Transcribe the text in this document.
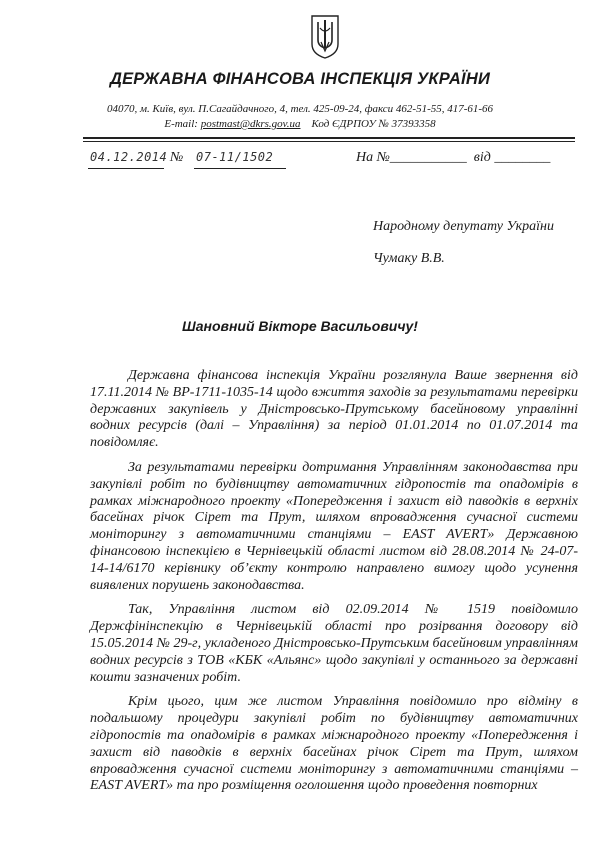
ДЕРЖАВНА ФІНАНСОВА ІНСПЕКЦІЯ УКРАЇНИ
04070, м. Київ, вул. П.Сагайдачного, 4, тел. 425-09-24, факси 462-51-55, 417-61-66
E-mail: postmast@dkrs.gov.ua Код ЄДРПОУ № 37393358
04.12.2014 № 07-11/1502	На №___________  від ________
Народному депутату України
Чумаку В.В.
Шановний Вікторе Васильовичу!

Державна фінансова інспекція України розглянула Ваше звернення від 17.11.2014 № ВР-1711-1035-14 щодо вжиття заходів за результатами перевірки державних закупівель у Дністровсько-Прутському басейновому управлінні водних ресурсів (далі – Управління) за період 01.01.2014 по 01.07.2014 та повідомляє.

За результатами перевірки дотримання Управлінням законодавства при закупівлі робіт по будівництву автоматичних гідропостів та опадомірів в рамках міжнародного проекту «Попередження і захист від паводків в верхніх басейнах річок Сірет та Прут, шляхом впровадження сучасної системи моніторингу з автоматичними станціями – EAST AVERT» Державною фінансовою інспекцією в Чернівецькій області листом від 28.08.2014 № 24-07-14-14/6170 керівнику об’єкту контролю направлено вимогу щодо усунення виявлених порушень законодавства.

Так, Управління листом від 02.09.2014 № 1519 повідомило Держфінінспекцію в Чернівецькій області про розірвання договору від 15.05.2014 № 29-г, укладеного Дністровсько-Прутським басейновим управлінням водних ресурсів з ТОВ «КБК «Альянс» щодо закупівлі у останнього за державні кошти зазначених робіт.

Крім цього, цим же листом Управління повідомило про відміну в подальшому процедури закупівлі робіт по будівництву автоматичних гідропостів та опадомірів в рамках міжнародного проекту «Попередження і захист від паводків в верхніх басейнах річок Сірет та Прут, шляхом впровадження сучасної системи моніторингу з автоматичними станціями – EAST AVERT» та про розміщення оголошення щодо проведення повторних
